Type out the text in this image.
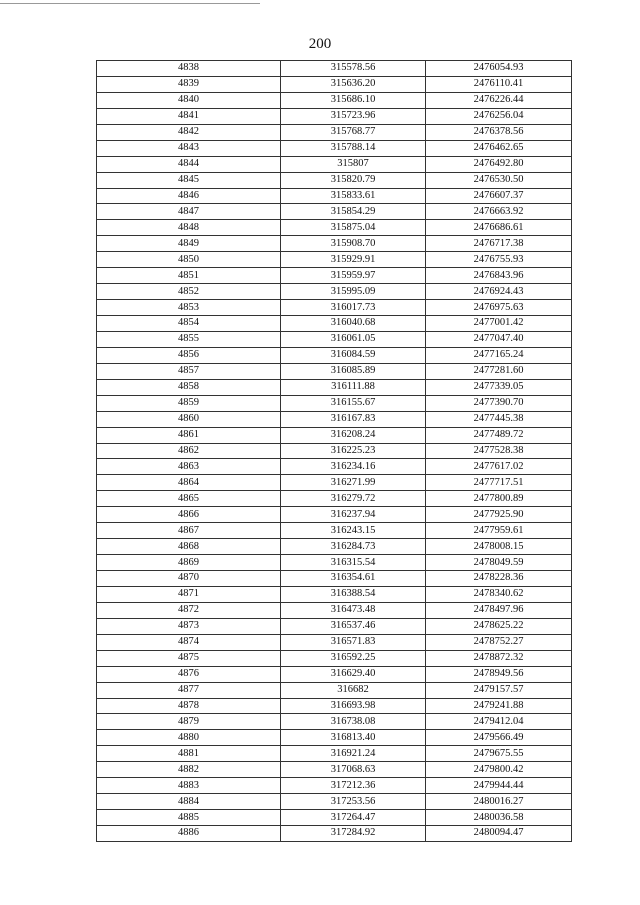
200
4838	315578.56	2476054.93
4839	315636.20	2476110.41
4840	315686.10	2476226.44
4841	315723.96	2476256.04
4842	315768.77	2476378.56
4843	315788.14	2476462.65
4844	315807	2476492.80
4845	315820.79	2476530.50
4846	315833.61	2476607.37
4847	315854.29	2476663.92
4848	315875.04	2476686.61
4849	315908.70	2476717.38
4850	315929.91	2476755.93
4851	315959.97	2476843.96
4852	315995.09	2476924.43
4853	316017.73	2476975.63
4854	316040.68	2477001.42
4855	316061.05	2477047.40
4856	316084.59	2477165.24
4857	316085.89	2477281.60
4858	316111.88	2477339.05
4859	316155.67	2477390.70
4860	316167.83	2477445.38
4861	316208.24	2477489.72
4862	316225.23	2477528.38
4863	316234.16	2477617.02
4864	316271.99	2477717.51
4865	316279.72	2477800.89
4866	316237.94	2477925.90
4867	316243.15	2477959.61
4868	316284.73	2478008.15
4869	316315.54	2478049.59
4870	316354.61	2478228.36
4871	316388.54	2478340.62
4872	316473.48	2478497.96
4873	316537.46	2478625.22
4874	316571.83	2478752.27
4875	316592.25	2478872.32
4876	316629.40	2478949.56
4877	316682	2479157.57
4878	316693.98	2479241.88
4879	316738.08	2479412.04
4880	316813.40	2479566.49
4881	316921.24	2479675.55
4882	317068.63	2479800.42
4883	317212.36	2479944.44
4884	317253.56	2480016.27
4885	317264.47	2480036.58
4886	317284.92	2480094.47
